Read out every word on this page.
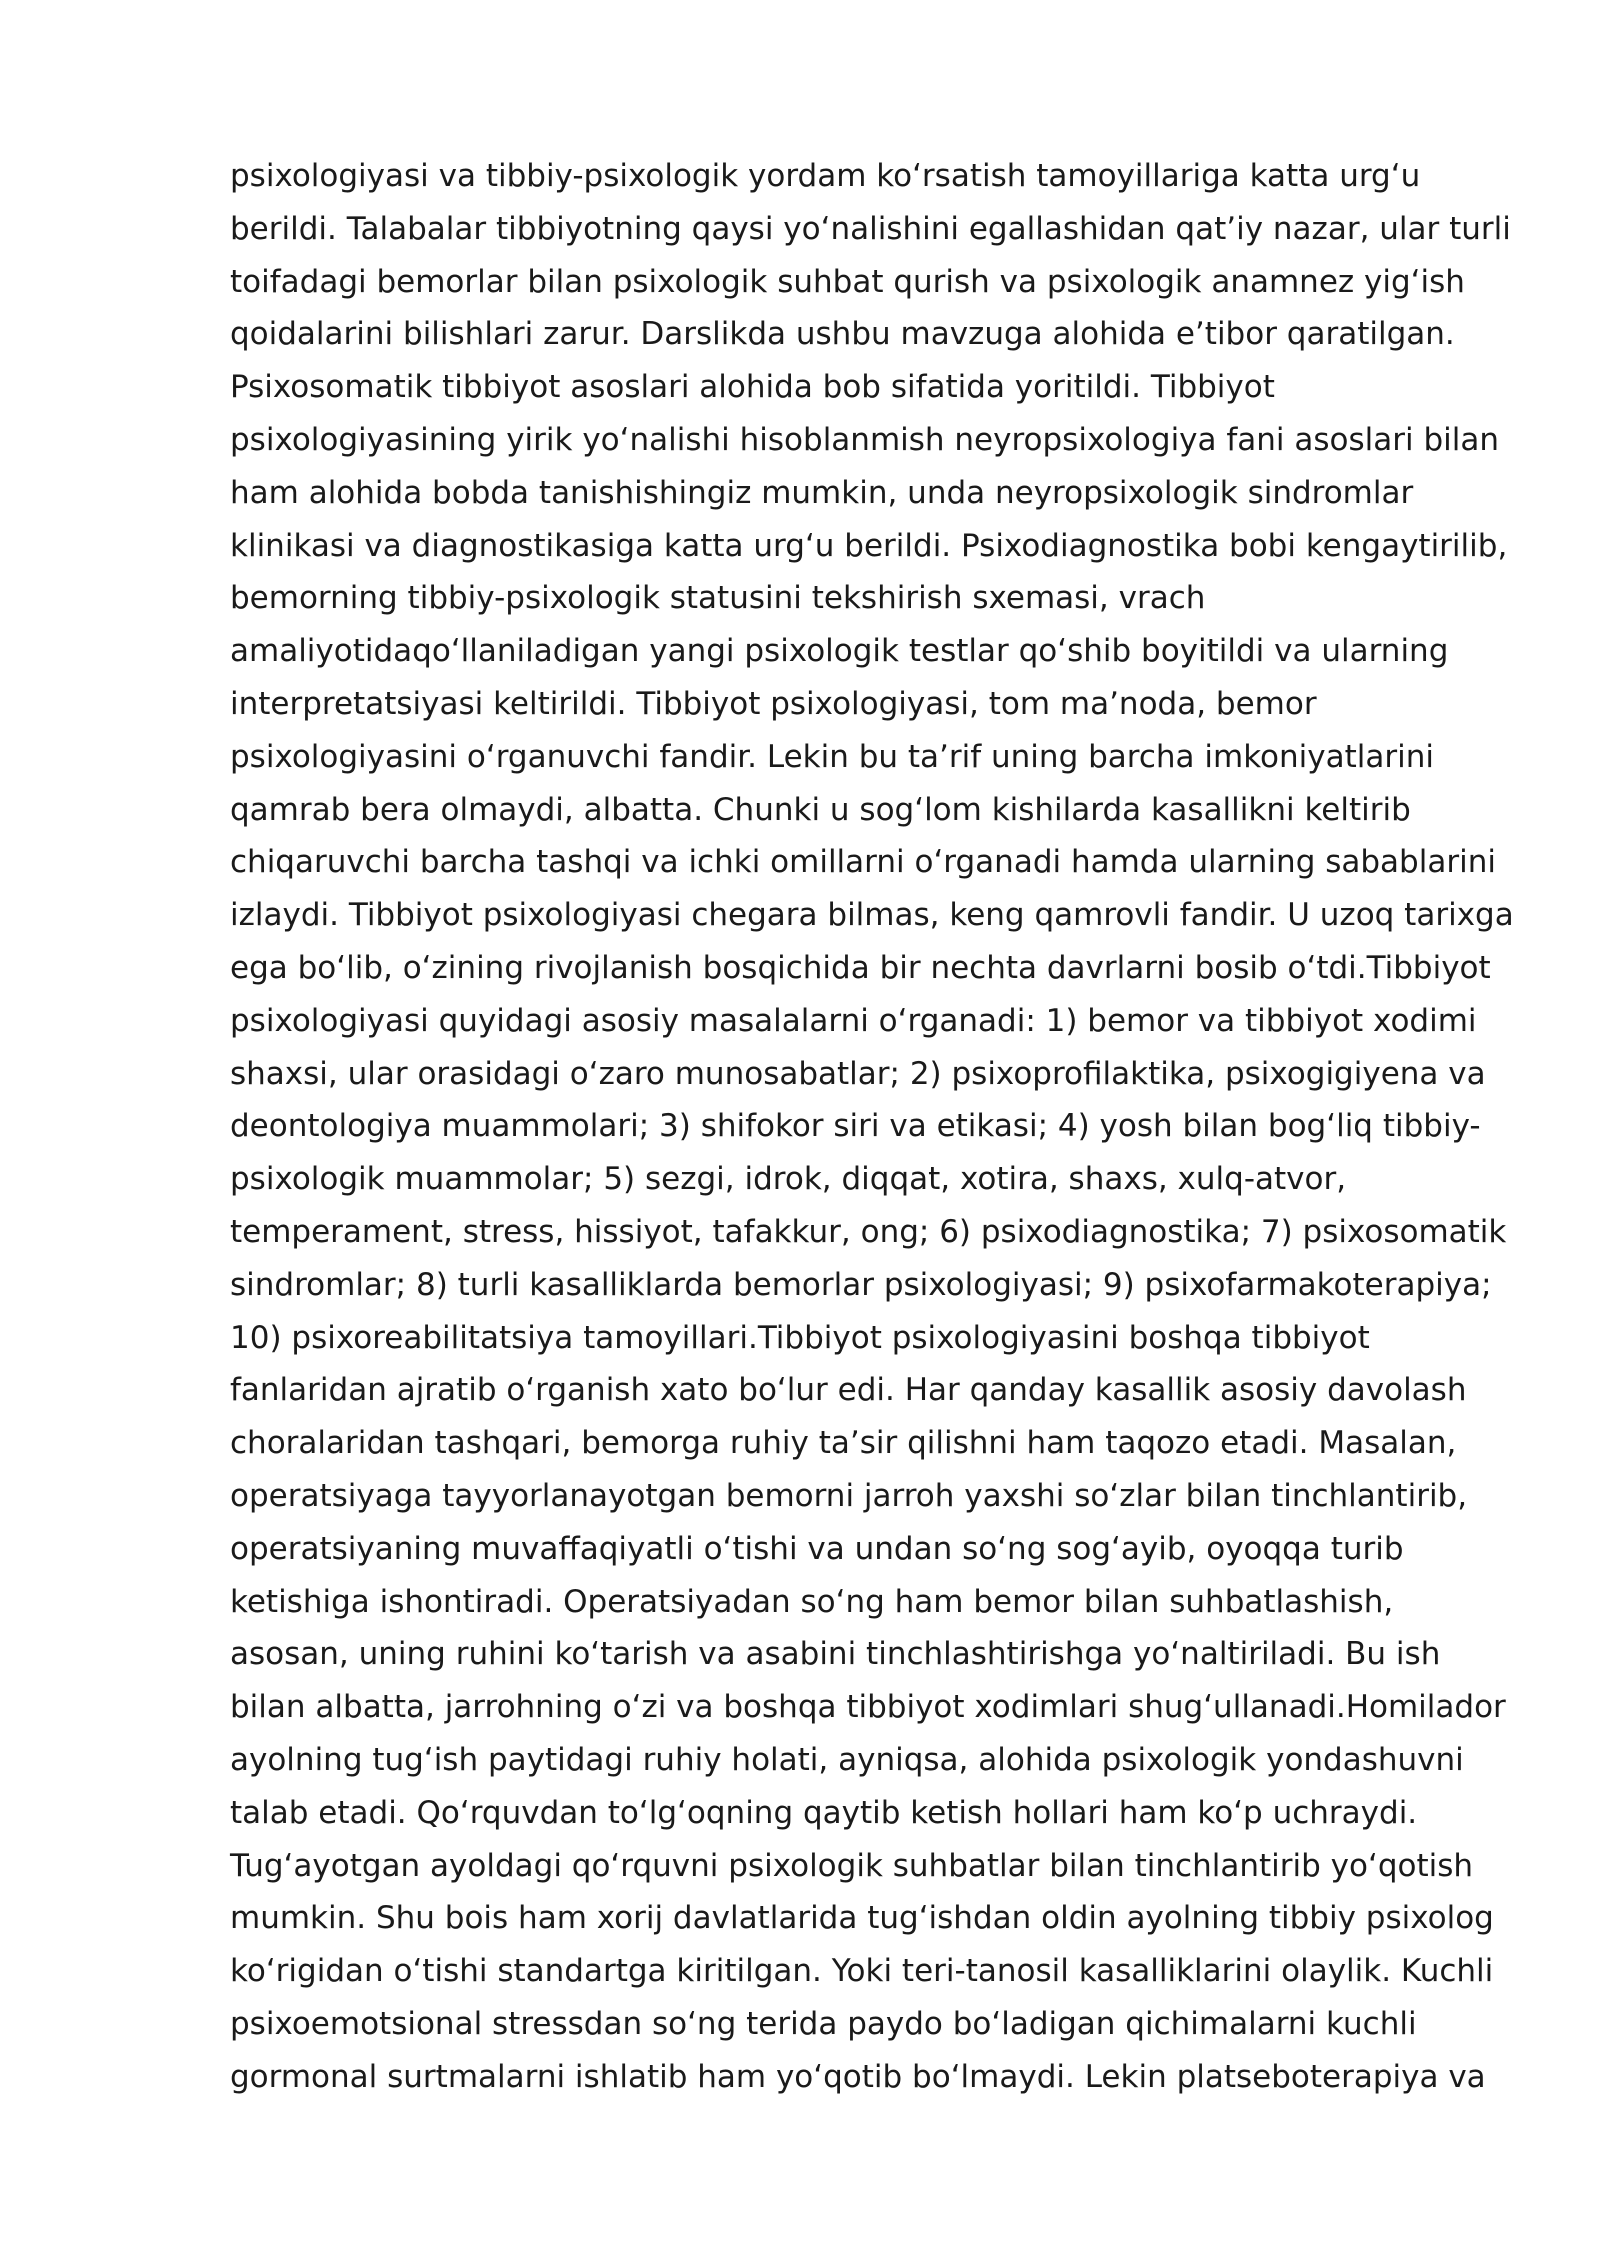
psixologiyasi va tibbiy-psixologik yordam koʻrsatish tamoyillariga katta urgʻu
berildi. Talabalar tibbiyotning qaysi yoʻnalishini egallashidan qatʼiy nazar, ular turli
toifadagi bemorlar bilan psixologik suhbat qurish va psixologik anamnez yigʻish
qoidalarini bilishlari zarur. Darslikda ushbu mavzuga alohida eʼtibor qaratilgan.
Psixosomatik tibbiyot asoslari alohida bob sifatida yoritildi. Tibbiyot
psixologiyasining yirik yoʻnalishi hisoblanmish neyropsixologiya fani asoslari bilan
ham alohida bobda tanishishingiz mumkin, unda neyropsixologik sindromlar
klinikasi va diagnostikasiga katta urgʻu berildi. Psixodiagnostika bobi kengaytirilib,
bemorning tibbiy-psixologik statusini tekshirish sxemasi, vrach
amaliyotidaqoʻllaniladigan yangi psixologik testlar qoʻshib boyitildi va ularning
interpretatsiyasi keltirildi. Tibbiyot psixologiyasi, tom maʼnoda, bemor
psixologiyasini oʻrganuvchi fandir. Lekin bu taʼrif uning barcha imkoniyatlarini
qamrab bera olmaydi, albatta. Chunki u sogʻlom kishilarda kasallikni keltirib
chiqaruvchi barcha tashqi va ichki omillarni oʻrganadi hamda ularning sabablarini
izlaydi. Tibbiyot psixologiyasi chegara bilmas, keng qamrovli fandir. U uzoq tarixga
ega boʻlib, oʻzining rivojlanish bosqichida bir nechta davrlarni bosib oʻtdi.Tibbiyot
psixologiyasi quyidagi asosiy masalalarni oʻrganadi: 1) bemor va tibbiyot xodimi
shaxsi, ular orasidagi oʻzaro munosabatlar; 2) psixoprofilaktika, psixogigiyena va
deontologiya muammolari; 3) shifokor siri va etikasi; 4) yosh bilan bogʻliq tibbiy-
psixologik muammolar; 5) sezgi, idrok, diqqat, xotira, shaxs, xulq-atvor,
temperament, stress, hissiyot, tafakkur, ong; 6) psixodiagnostika; 7) psixosomatik
sindromlar; 8) turli kasalliklarda bemorlar psixologiyasi; 9) psixofarmakoterapiya;
10) psixoreabilitatsiya tamoyillari.Tibbiyot psixologiyasini boshqa tibbiyot
fanlaridan ajratib oʻrganish xato boʻlur edi. Har qanday kasallik asosiy davolash
choralaridan tashqari, bemorga ruhiy taʼsir qilishni ham taqozo etadi. Masalan,
operatsiyaga tayyorlanayotgan bemorni jarroh yaxshi soʻzlar bilan tinchlantirib,
operatsiyaning muvaffaqiyatli oʻtishi va undan soʻng sogʻayib, oyoqqa turib
ketishiga ishontiradi. Operatsiyadan soʻng ham bemor bilan suhbatlashish,
asosan, uning ruhini koʻtarish va asabini tinchlashtirishga yoʻnaltiriladi. Bu ish
bilan albatta, jarrohning oʻzi va boshqa tibbiyot xodimlari shugʻullanadi.Homilador
ayolning tugʻish paytidagi ruhiy holati, ayniqsa, alohida psixologik yondashuvni
talab etadi. Qoʻrquvdan toʻlgʻoqning qaytib ketish hollari ham koʻp uchraydi.
Tugʻayotgan ayoldagi qoʻrquvni psixologik suhbatlar bilan tinchlantirib yoʻqotish
mumkin. Shu bois ham xorij davlatlarida tugʻishdan oldin ayolning tibbiy psixolog
koʻrigidan oʻtishi standartga kiritilgan. Yoki teri-tanosil kasalliklarini olaylik. Kuchli
psixoemotsional stressdan soʻng terida paydo boʻladigan qichimalarni kuchli
gormonal surtmalarni ishlatib ham yoʻqotib boʻlmaydi. Lekin platseboterapiya va
